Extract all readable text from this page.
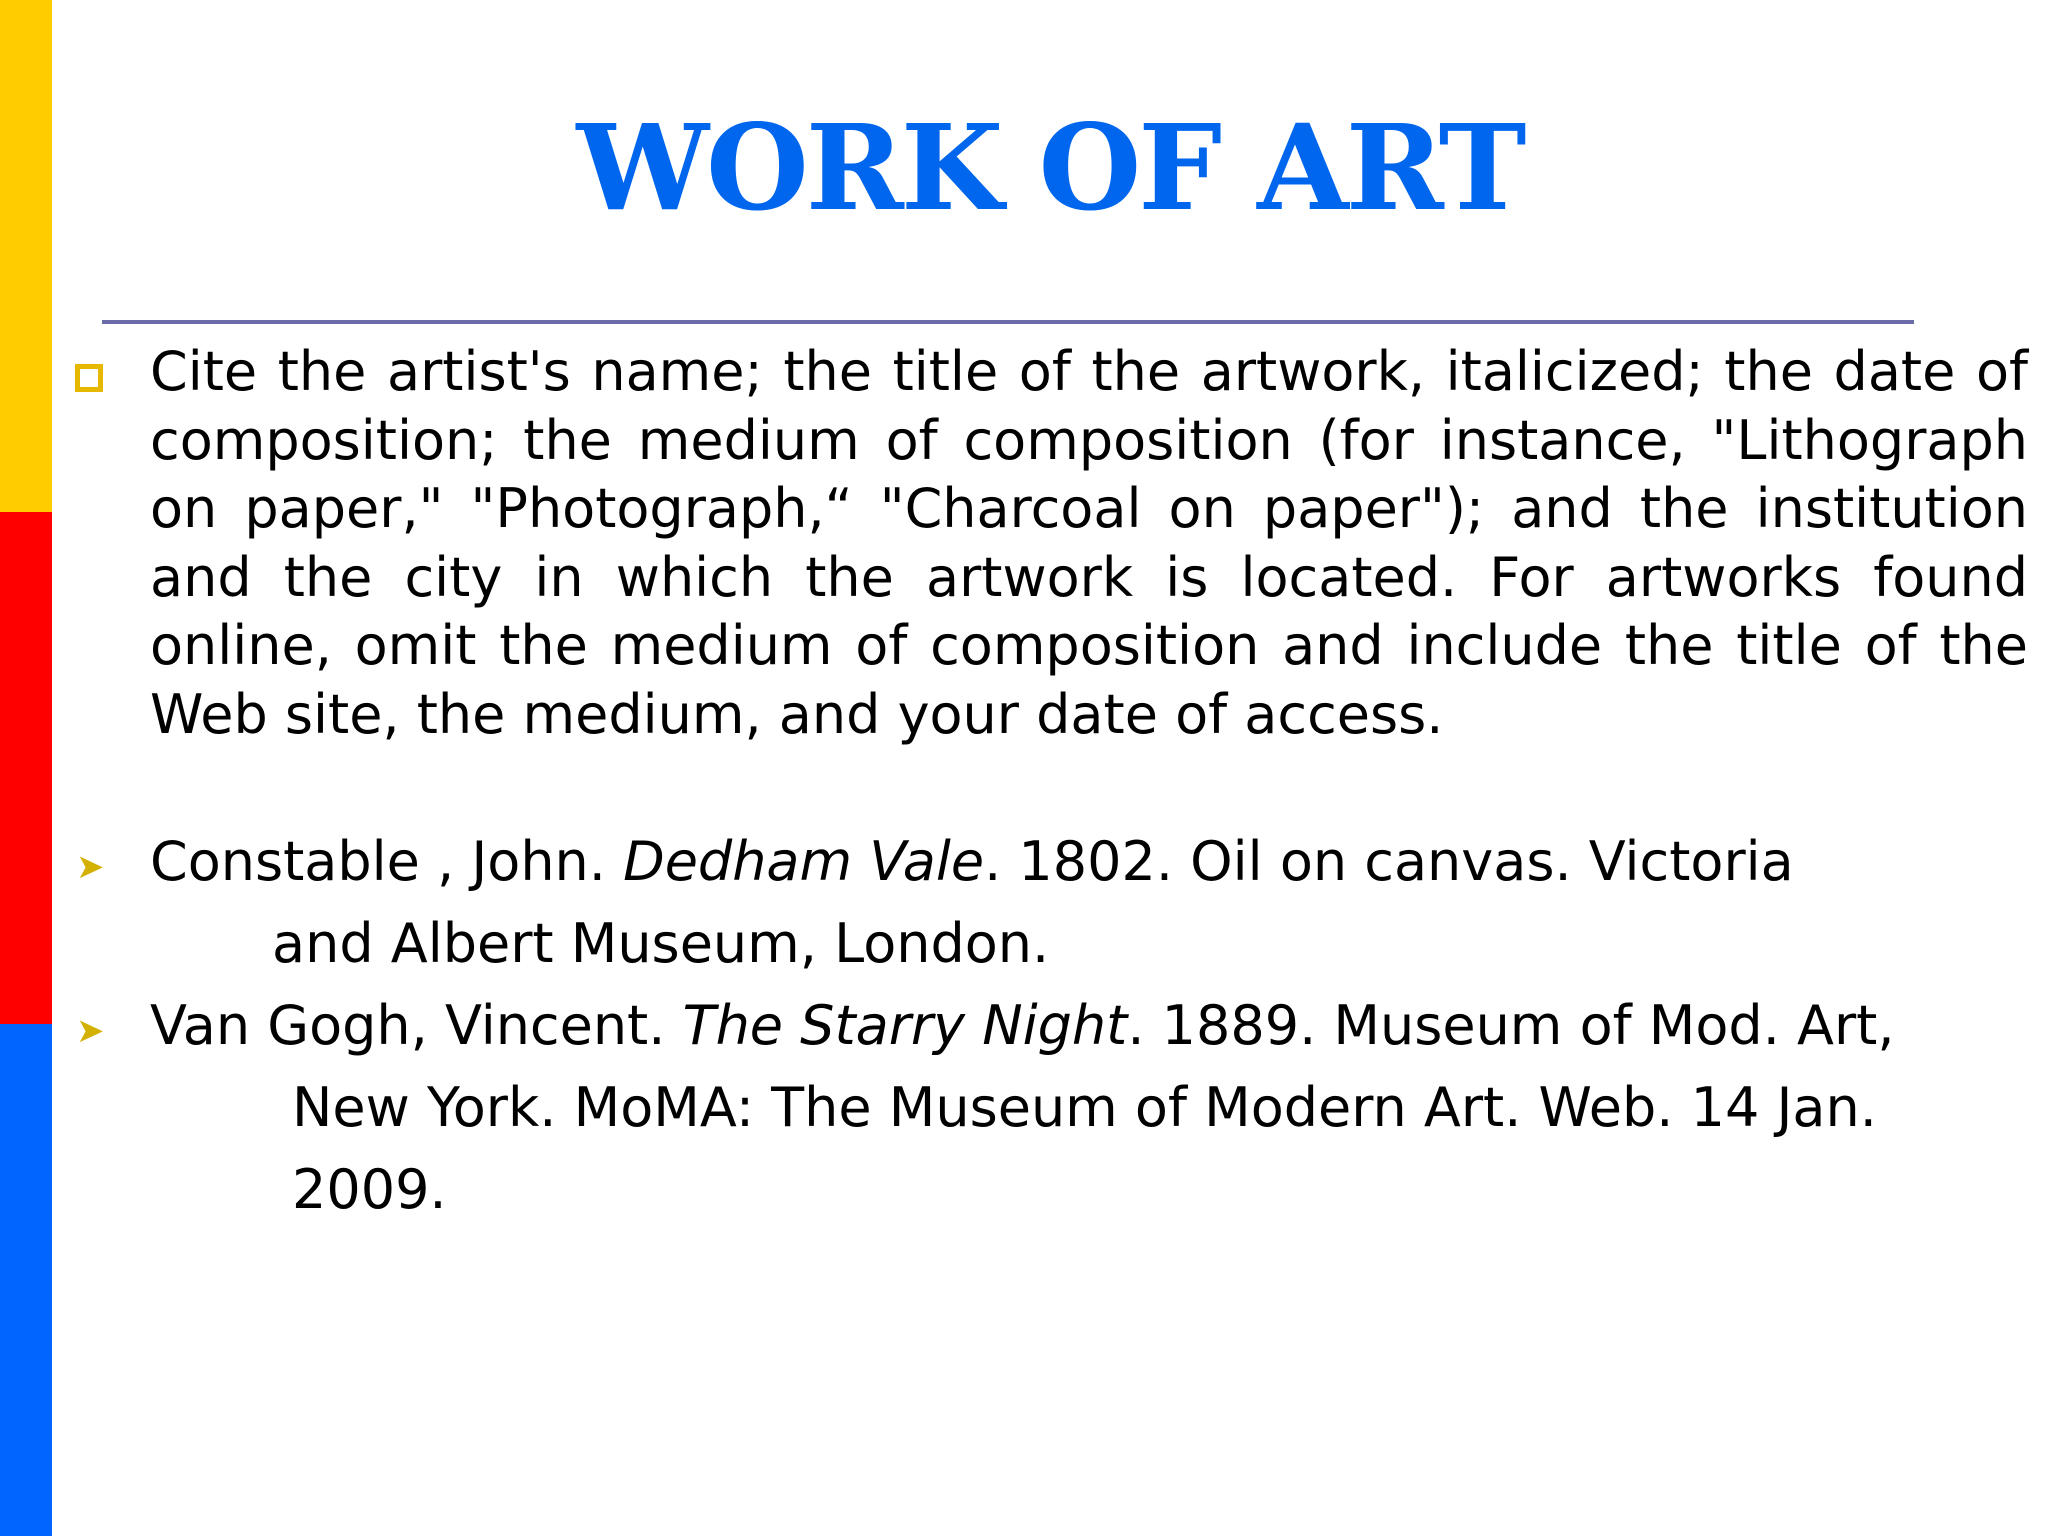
WORK OF ART

Cite the artist's name; the title of the artwork, italicized; the date of composition; the medium of composition (for instance, "Lithograph on paper," "Photograph,“ "Charcoal on paper"); and the institution and the city in which the artwork is located. For artworks found online, omit the medium of composition and include the title of the Web site, the medium, and your date of access.

➤ Constable , John. Dedham Vale. 1802. Oil on canvas. Victoria

and Albert Museum, London.

➤ Van Gogh, Vincent. The Starry Night. 1889. Museum of Mod. Art,

New York. MoMA: The Museum of Modern Art. Web. 14 Jan.

2009.
